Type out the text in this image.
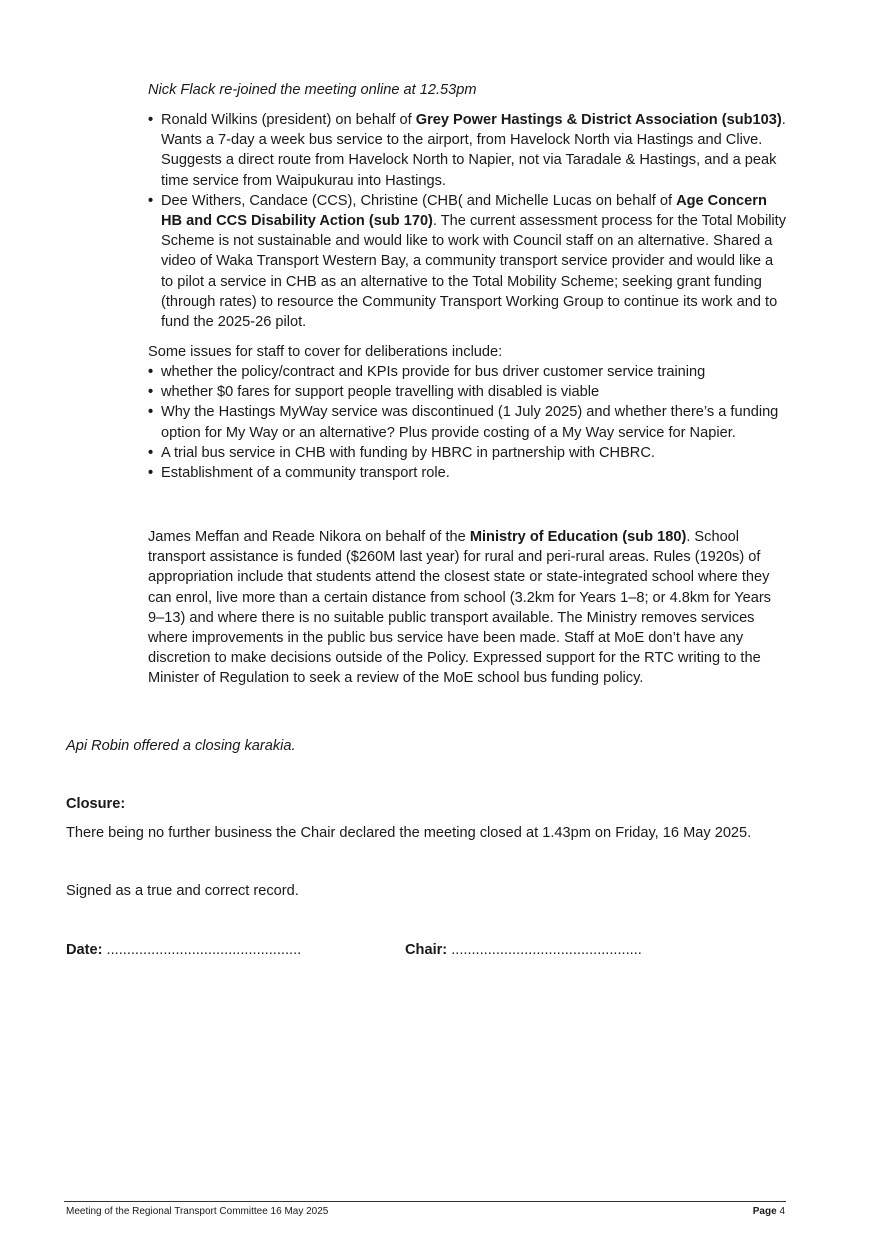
Nick Flack re-joined the meeting online at 12.53pm
• Ronald Wilkins (president) on behalf of Grey Power Hastings & District Association (sub103). Wants a 7-day a week bus service to the airport, from Havelock North via Hastings and Clive. Suggests a direct route from Havelock North to Napier, not via Taradale & Hastings, and a peak time service from Waipukurau into Hastings.
• Dee Withers, Candace (CCS), Christine (CHB( and Michelle Lucas on behalf of Age Concern HB and CCS Disability Action (sub 170). The current assessment process for the Total Mobility Scheme is not sustainable and would like to work with Council staff on an alternative. Shared a video of Waka Transport Western Bay, a community transport service provider and would like a to pilot a service in CHB as an alternative to the Total Mobility Scheme; seeking grant funding (through rates) to resource the Community Transport Working Group to continue its work and to fund the 2025-26 pilot.
Some issues for staff to cover for deliberations include:
• whether the policy/contract and KPIs provide for bus driver customer service training
• whether $0 fares for support people travelling with disabled is viable
• Why the Hastings MyWay service was discontinued (1 July 2025) and whether there’s a funding option for My Way or an alternative? Plus provide costing of a My Way service for Napier.
• A trial bus service in CHB with funding by HBRC in partnership with CHBRC.
• Establishment of a community transport role.
James Meffan and Reade Nikora on behalf of the Ministry of Education (sub 180). School transport assistance is funded ($260M last year) for rural and peri-rural areas. Rules (1920s) of appropriation include that students attend the closest state or state-integrated school where they can enrol, live more than a certain distance from school (3.2km for Years 1–8; or 4.8km for Years 9–13) and where there is no suitable public transport available. The Ministry removes services where improvements in the public bus service have been made. Staff at MoE don’t have any discretion to make decisions outside of the Policy. Expressed support for the RTC writing to the Minister of Regulation to seek a review of the MoE school bus funding policy.
Api Robin offered a closing karakia.
Closure:
There being no further business the Chair declared the meeting closed at 1.43pm on Friday, 16 May 2025.
Signed as a true and correct record.
Date: ................................................	Chair: ...............................................
Meeting of the Regional Transport Committee 16 May 2025	Page 4
